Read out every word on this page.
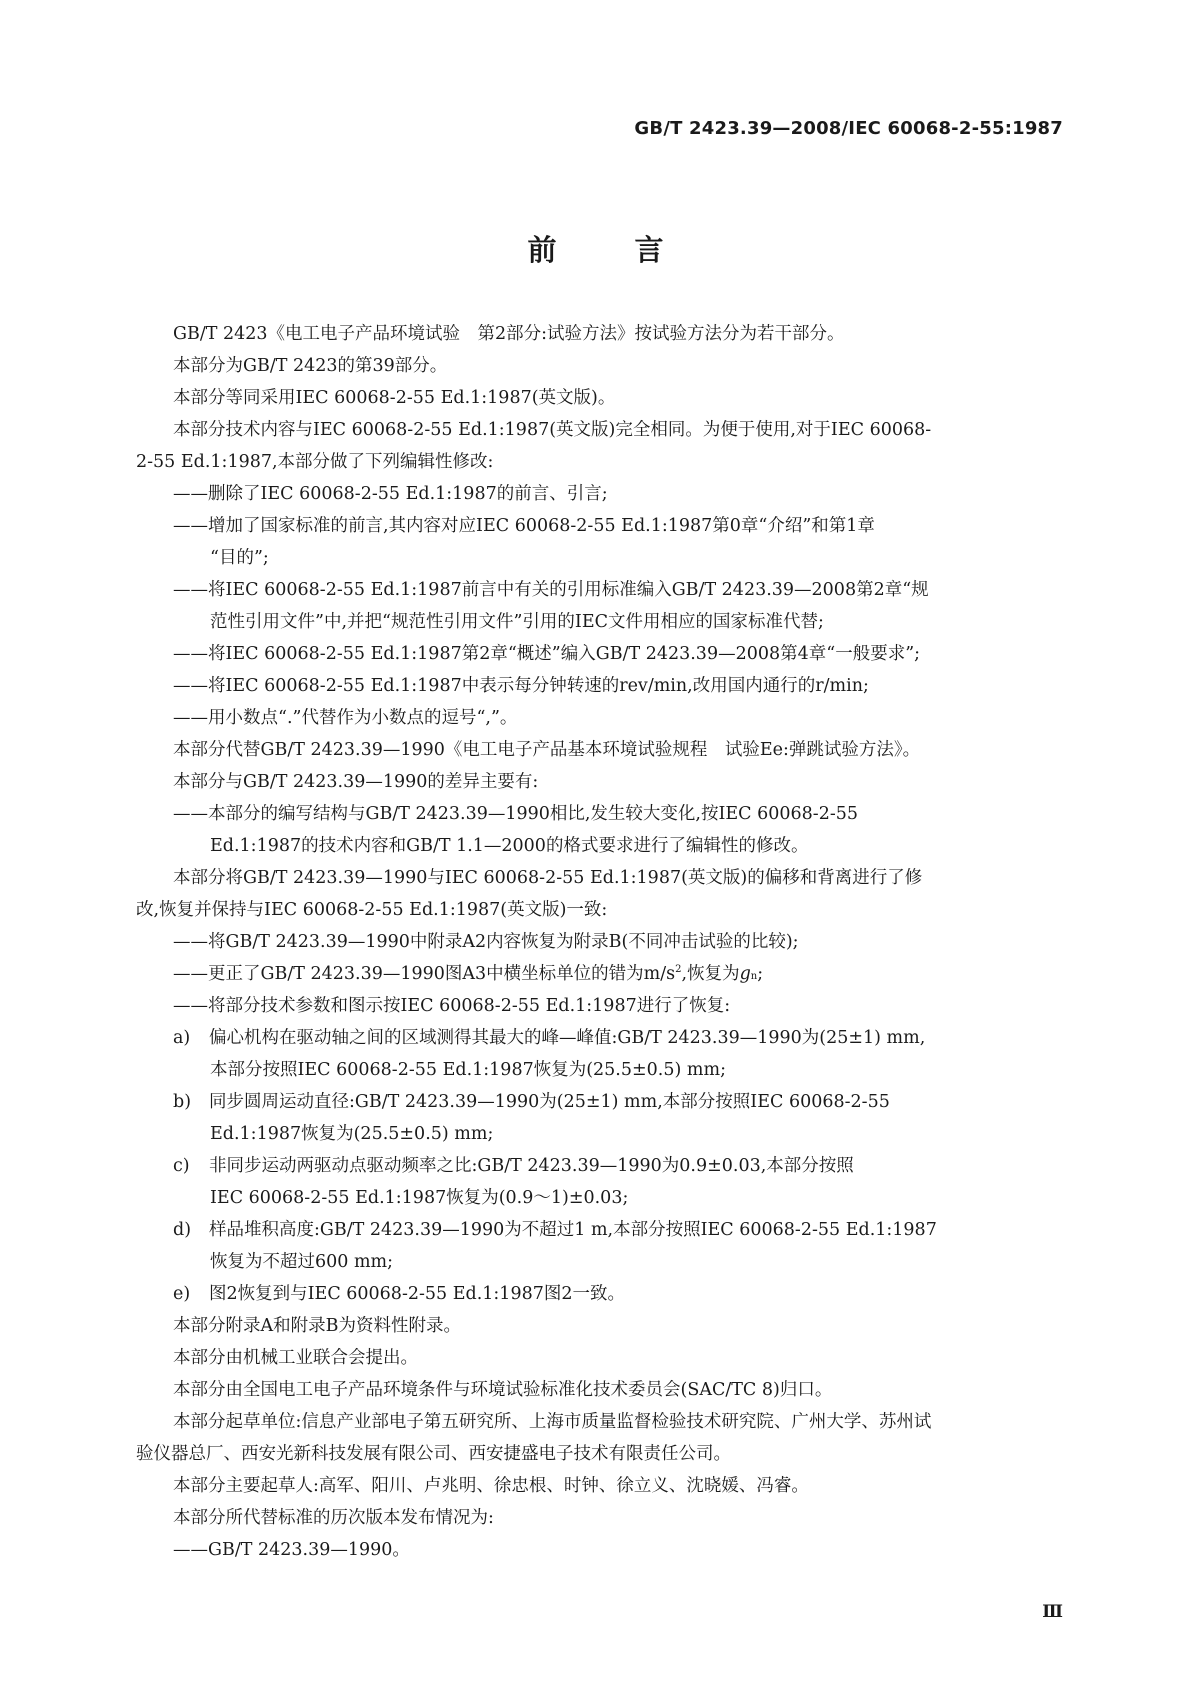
GB/T 2423.39—2008/IEC 60068-2-55:1987
前 言
GB/T 2423《电工电子产品环境试验　第2部分:试验方法》按试验方法分为若干部分。
本部分为GB/T 2423的第39部分。
本部分等同采用IEC 60068-2-55 Ed.1:1987(英文版)。
本部分技术内容与IEC 60068-2-55 Ed.1:1987(英文版)完全相同。为便于使用,对于IEC 60068-
2-55 Ed.1:1987,本部分做了下列编辑性修改:
——删除了IEC 60068-2-55 Ed.1:1987的前言、引言;
——增加了国家标准的前言,其内容对应IEC 60068-2-55 Ed.1:1987第0章“介绍”和第1章
“目的”;
——将IEC 60068-2-55 Ed.1:1987前言中有关的引用标准编入GB/T 2423.39—2008第2章“规
范性引用文件”中,并把“规范性引用文件”引用的IEC文件用相应的国家标准代替;
——将IEC 60068-2-55 Ed.1:1987第2章“概述”编入GB/T 2423.39—2008第4章“一般要求”;
——将IEC 60068-2-55 Ed.1:1987中表示每分钟转速的rev/min,改用国内通行的r/min;
——用小数点“.”代替作为小数点的逗号“,”。
本部分代替GB/T 2423.39—1990《电工电子产品基本环境试验规程　试验Ee:弹跳试验方法》。
本部分与GB/T 2423.39—1990的差异主要有:
——本部分的编写结构与GB/T 2423.39—1990相比,发生较大变化,按IEC 60068-2-55
Ed.1:1987的技术内容和GB/T 1.1—2000的格式要求进行了编辑性的修改。
本部分将GB/T 2423.39—1990与IEC 60068-2-55 Ed.1:1987(英文版)的偏移和背离进行了修
改,恢复并保持与IEC 60068-2-55 Ed.1:1987(英文版)一致:
——将GB/T 2423.39—1990中附录A2内容恢复为附录B(不同冲击试验的比较);
——更正了GB/T 2423.39—1990图A3中横坐标单位的错为$m/s^2$,恢复为gn;
——将部分技术参数和图示按IEC 60068-2-55 Ed.1:1987进行了恢复:
a) 偏心机构在驱动轴之间的区域测得其最大的峰—峰值:GB/T 2423.39—1990为(25±1) mm,
本部分按照IEC 60068-2-55 Ed.1:1987恢复为(25.5±0.5) mm;
b) 同步圆周运动直径:GB/T 2423.39—1990为(25±1) mm,本部分按照IEC 60068-2-55
Ed.1:1987恢复为(25.5±0.5) mm;
c) 非同步运动两驱动点驱动频率之比:GB/T 2423.39—1990为0.9±0.03,本部分按照
IEC 60068-2-55 Ed.1:1987恢复为(0.9～1)±0.03;
d) 样品堆积高度:GB/T 2423.39—1990为不超过1 m,本部分按照IEC 60068-2-55 Ed.1:1987
恢复为不超过600 mm;
e) 图2恢复到与IEC 60068-2-55 Ed.1:1987图2一致。
本部分附录A和附录B为资料性附录。
本部分由机械工业联合会提出。
本部分由全国电工电子产品环境条件与环境试验标准化技术委员会(SAC/TC 8)归口。
本部分起草单位:信息产业部电子第五研究所、上海市质量监督检验技术研究院、广州大学、苏州试
验仪器总厂、西安光新科技发展有限公司、西安捷盛电子技术有限责任公司。
本部分主要起草人:高军、阳川、卢兆明、徐忠根、时钟、徐立义、沈晓媛、冯睿。
本部分所代替标准的历次版本发布情况为:
——GB/T 2423.39—1990。
Ⅲ
